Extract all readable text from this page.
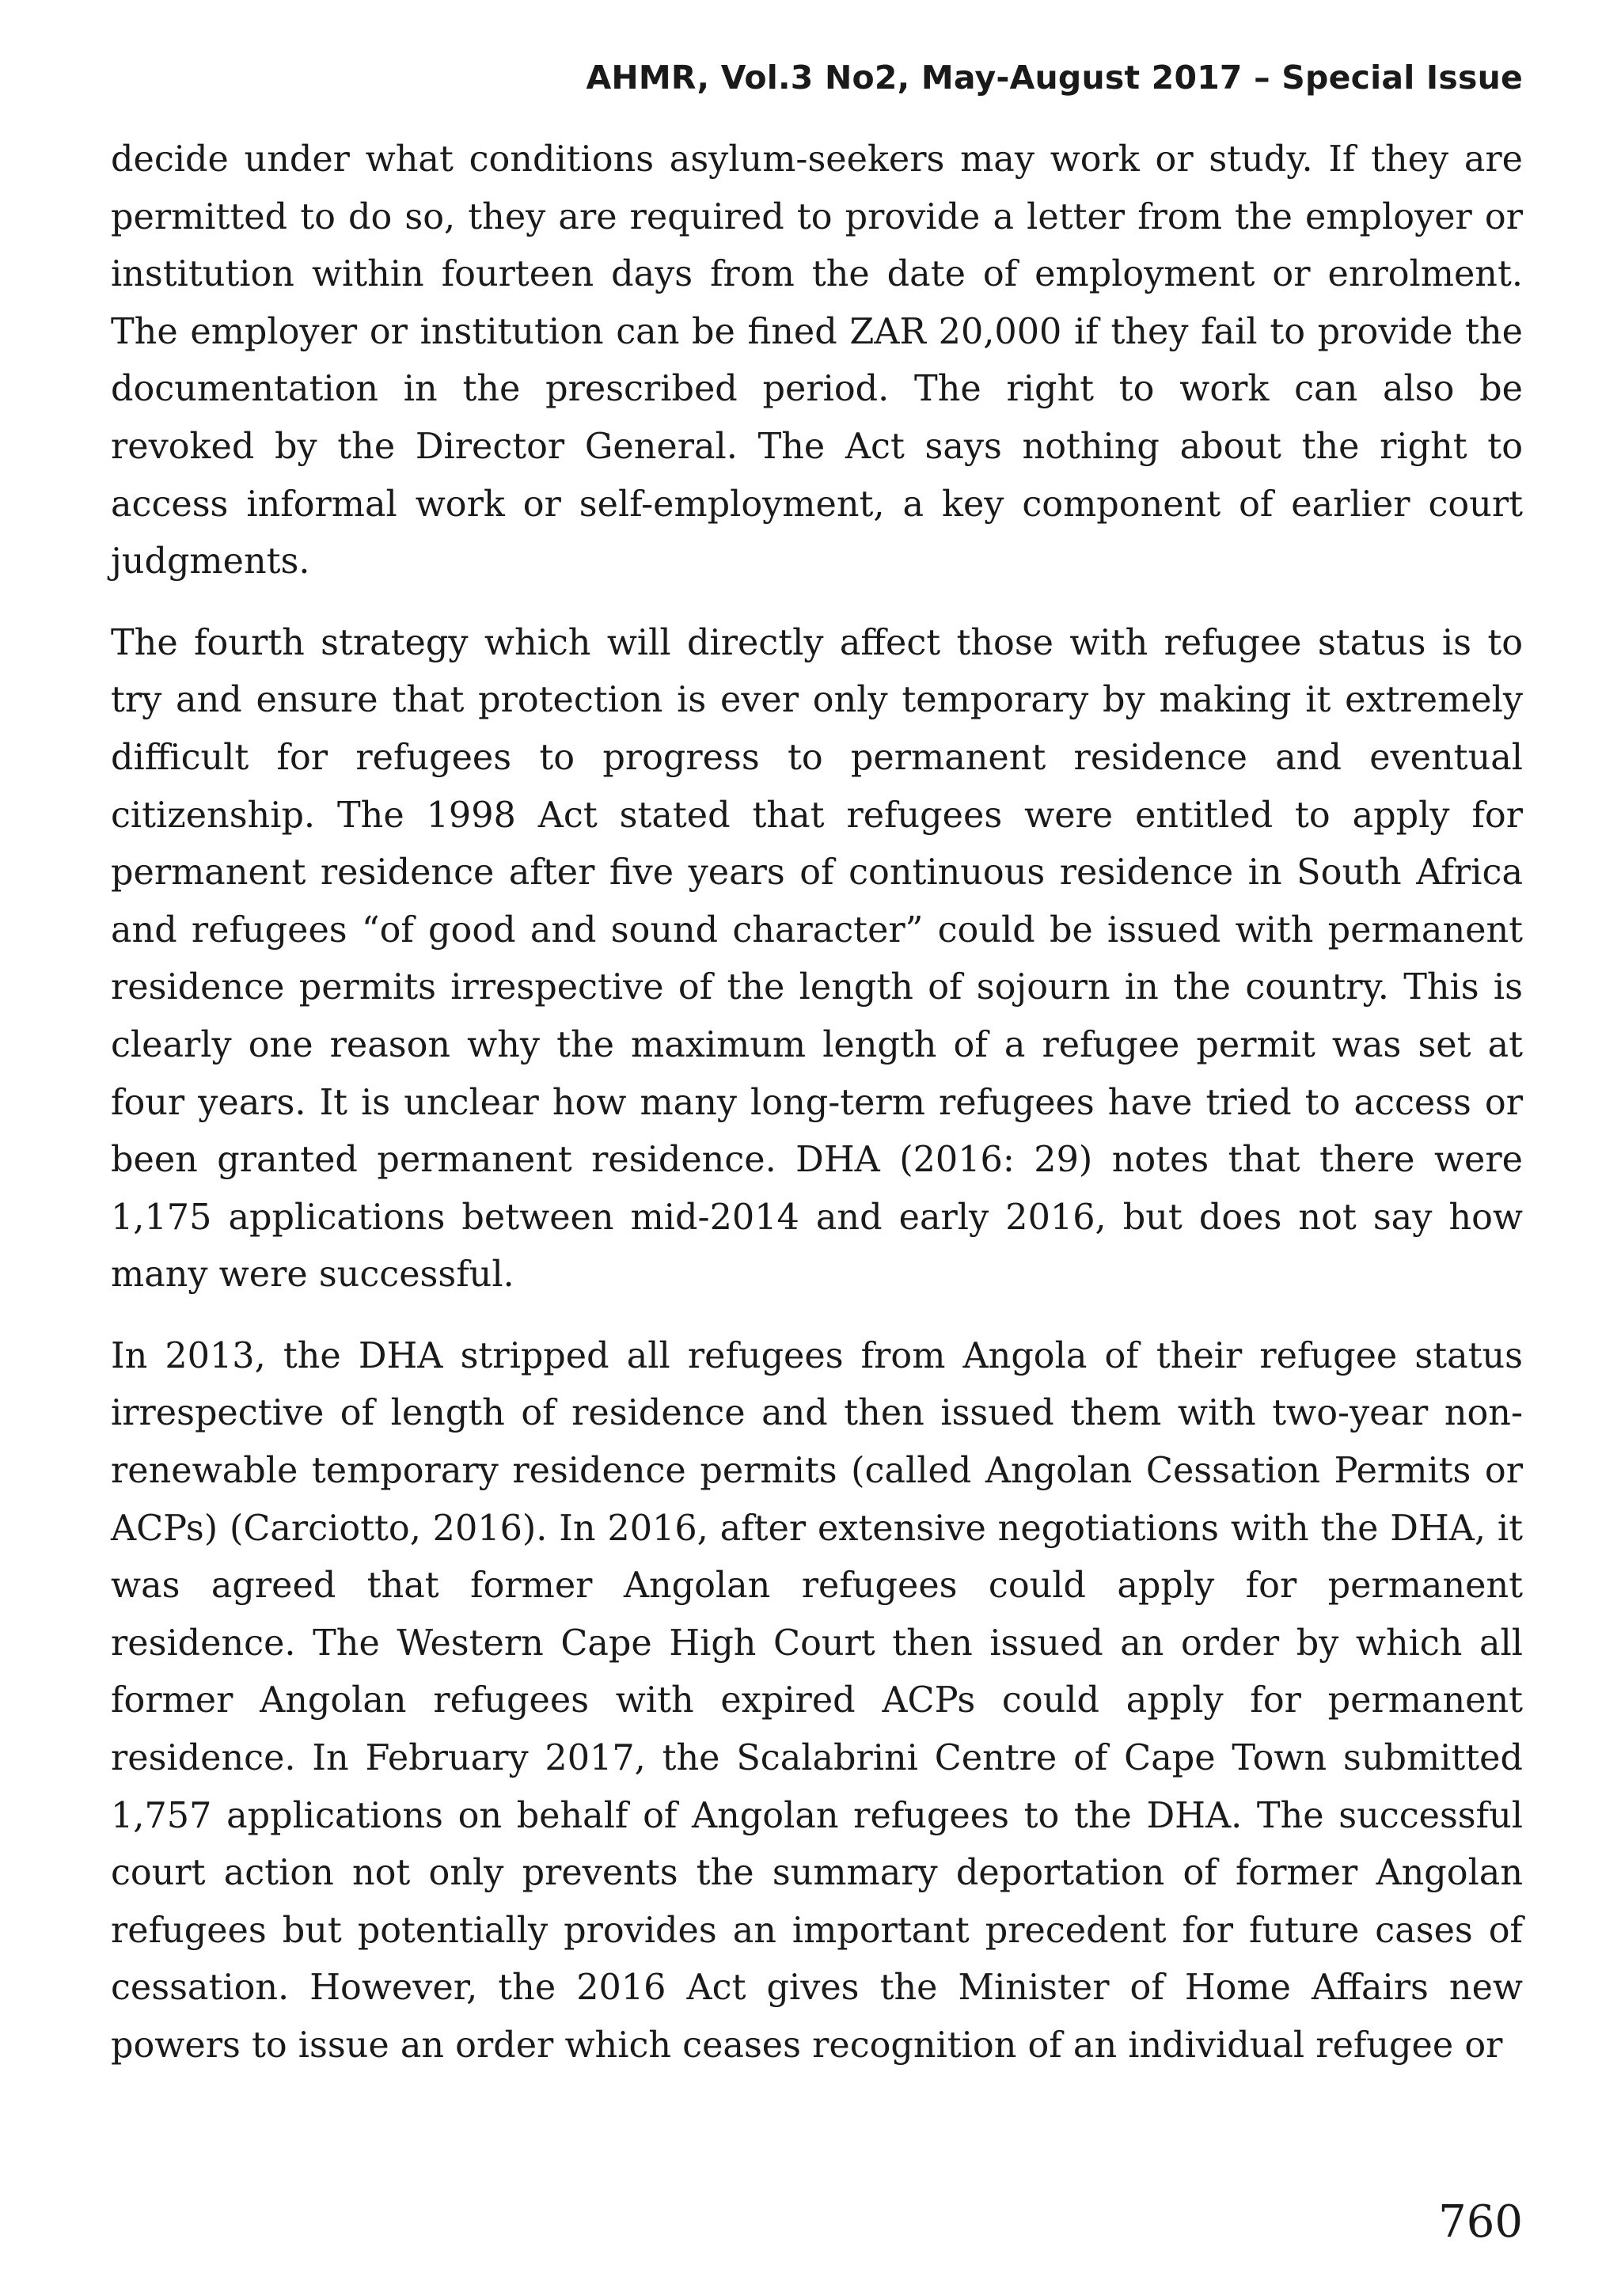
AHMR, Vol.3 No2, May-August 2017 – Special Issue

decide under what conditions asylum-seekers may work or study. If they are permitted to do so, they are required to provide a letter from the employer or institution within fourteen days from the date of employment or enrolment. The employer or institution can be fined ZAR 20,000 if they fail to provide the documentation in the prescribed period. The right to work can also be revoked by the Director General. The Act says nothing about the right to access informal work or self-employment, a key component of earlier court judgments.

The fourth strategy which will directly affect those with refugee status is to try and ensure that protection is ever only temporary by making it extremely difficult for refugees to progress to permanent residence and eventual citizenship. The 1998 Act stated that refugees were entitled to apply for permanent residence after five years of continuous residence in South Africa and refugees “of good and sound character” could be issued with permanent residence permits irrespective of the length of sojourn in the country. This is clearly one reason why the maximum length of a refugee permit was set at four years. It is unclear how many long-term refugees have tried to access or been granted permanent residence. DHA (2016: 29) notes that there were 1,175 applications between mid-2014 and early 2016, but does not say how many were successful.

In 2013, the DHA stripped all refugees from Angola of their refugee status irrespective of length of residence and then issued them with two-year non-renewable temporary residence permits (called Angolan Cessation Permits or ACPs) (Carciotto, 2016). In 2016, after extensive negotiations with the DHA, it was agreed that former Angolan refugees could apply for permanent residence. The Western Cape High Court then issued an order by which all former Angolan refugees with expired ACPs could apply for permanent residence. In February 2017, the Scalabrini Centre of Cape Town submitted 1,757 applications on behalf of Angolan refugees to the DHA. The successful court action not only prevents the summary deportation of former Angolan refugees but potentially provides an important precedent for future cases of cessation. However, the 2016 Act gives the Minister of Home Affairs new powers to issue an order which ceases recognition of an individual refugee or

760
